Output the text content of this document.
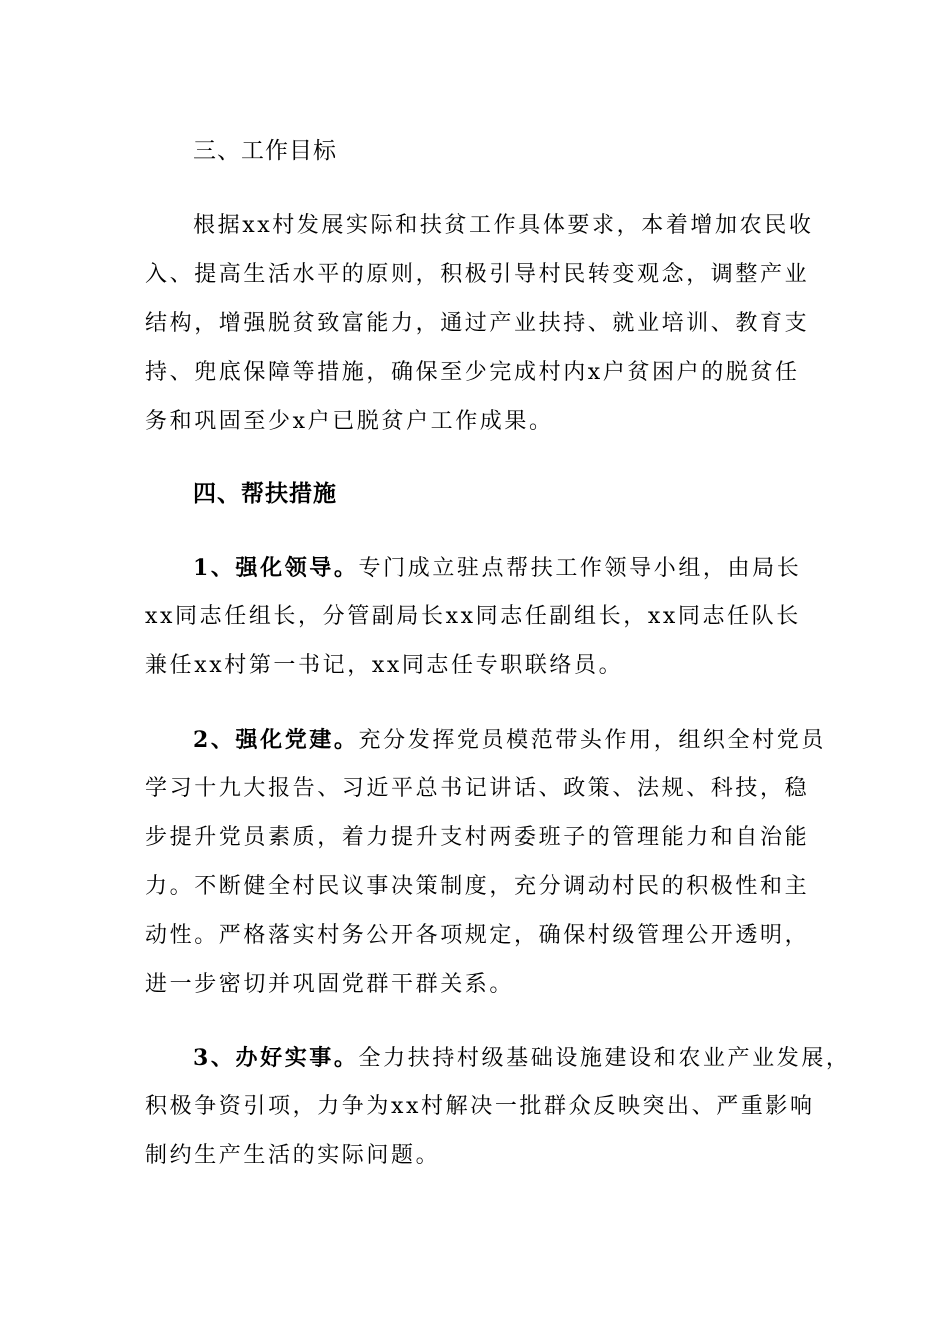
三、工作目标
根据xx村发展实际和扶贫工作具体要求，本着增加农民收
入、提高生活水平的原则，积极引导村民转变观念，调整产业
结构，增强脱贫致富能力，通过产业扶持、就业培训、教育支
持、兜底保障等措施，确保至少完成村内x户贫困户的脱贫任
务和巩固至少x户已脱贫户工作成果。
四、帮扶措施
1、强化领导。专门成立驻点帮扶工作领导小组，由局长
xx同志任组长，分管副局长xx同志任副组长，xx同志任队长
兼任xx村第一书记，xx同志任专职联络员。
2、强化党建。充分发挥党员模范带头作用，组织全村党员
学习十九大报告、习近平总书记讲话、政策、法规、科技，稳
步提升党员素质，着力提升支村两委班子的管理能力和自治能
力。不断健全村民议事决策制度，充分调动村民的积极性和主
动性。严格落实村务公开各项规定，确保村级管理公开透明，
进一步密切并巩固党群干群关系。
3、办好实事。全力扶持村级基础设施建设和农业产业发展，
积极争资引项，力争为xx村解决一批群众反映突出、严重影响
制约生产生活的实际问题。
